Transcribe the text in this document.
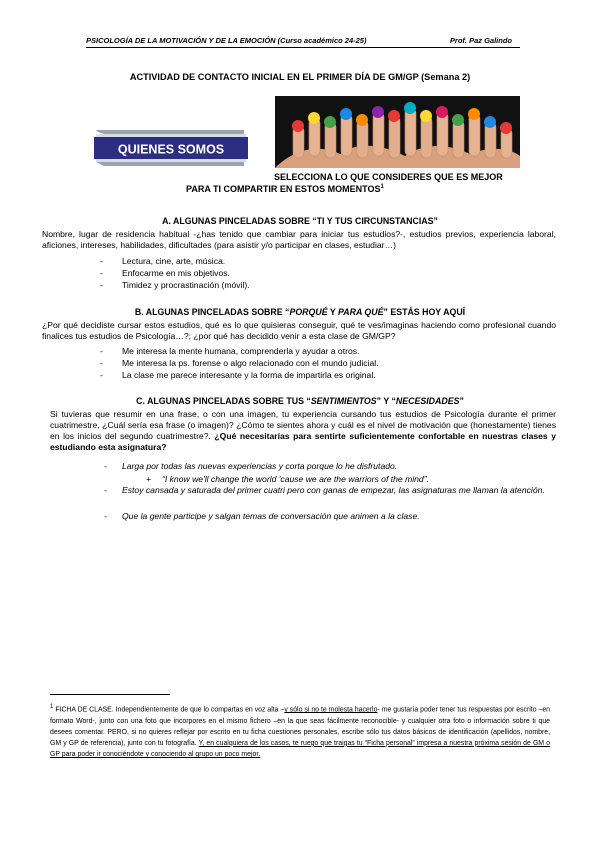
PSICOLOGÍA DE LA MOTIVACIÓN Y DE LA EMOCIÓN (Curso académico 24-25)	Prof. Paz Galindo
ACTIVIDAD DE CONTACTO INICIAL EN EL PRIMER DÍA DE GM/GP (Semana 2)
QUIENES SOMOS
SELECCIONA LO QUE CONSIDERES QUE ES MEJOR
PARA TI COMPARTIR EN ESTOS MOMENTOS$^1$
A. ALGUNAS PINCELADAS SOBRE “TI Y TUS CIRCUNSTANCIAS”
Nombre, lugar de residencia habitual -¿has tenido que cambiar para iniciar tus estudios?-, estudios previos, experiencia laboral, aficiones, intereses, habilidades, dificultades (para asistir y/o participar en clases, estudiar…)
- Lectura, cine, arte, música.
- Enfocarme en mis objetivos.
- Timidez y procrastinación (móvil).
B. ALGUNAS PINCELADAS SOBRE “PORQUÉ Y PARA QUÉ” ESTÁS HOY AQUÍ
¿Por qué decidiste cursar estos estudios, qué es lo que quisieras conseguir, qué te ves/imaginas haciendo como profesional cuando finalices tus estudios de Psicología…?; ¿por qué has decidido venir a esta clase de GM/GP?
- Me interesa la mente humana, comprenderla y ayudar a otros.
- Me interesa la ps. forense o algo relacionado con el mundo judicial.
- La clase me parece interesante y la forma de impartirla es original.
C. ALGUNAS PINCELADAS SOBRE TUS “SENTIMIENTOS” Y “NECESIDADES”
Si tuvieras que resumir en una frase, o con una imagen, tu experiencia cursando tus estudios de Psicología durante el primer cuatrimestre, ¿Cuál sería esa frase (o imagen)? ¿Cómo te sientes ahora y cuál es el nivel de motivación que (honestamente) tienes en los inicios del segundo cuatrimestre?. ¿Qué necesitarías para sentirte suficientemente confortable en nuestras clases y estudiando esta asignatura?
- Larga por todas las nuevas experiencias y corta porque lo he disfrutado.
+ “I know we'll change the world 'cause we are the warriors of the mind”.
-	Estoy cansada y saturada del primer cuatri pero con ganas de empezar, las asignaturas me llaman la atención.
- Que la gente participe y salgan temas de conversación que animen a la clase.
$^1$ FICHA DE CLASE. Independientemente de que lo compartas en voz alta –y sólo si no te molesta hacerlo- me gustaría poder tener tus respuestas por escrito –en formato Word-, junto con una foto que incorpores en el mismo fichero –en la que seas fácilmente reconocible- y cualquier otra foto o información sobre ti que desees comentar. PERO, si no quieres reflejar por escrito en tu ficha cuestiones personales, escribe sólo tus datos básicos de identificación (apellidos, nombre, GM y GP de referencia), junto con tu fotografía. Y, en cualquiera de los casos, te ruego que traigas tu “Ficha personal” impresa a nuestra próxima sesión de GM o GP para poder ir conociéndote y conociendo al grupo un poco mejor.
